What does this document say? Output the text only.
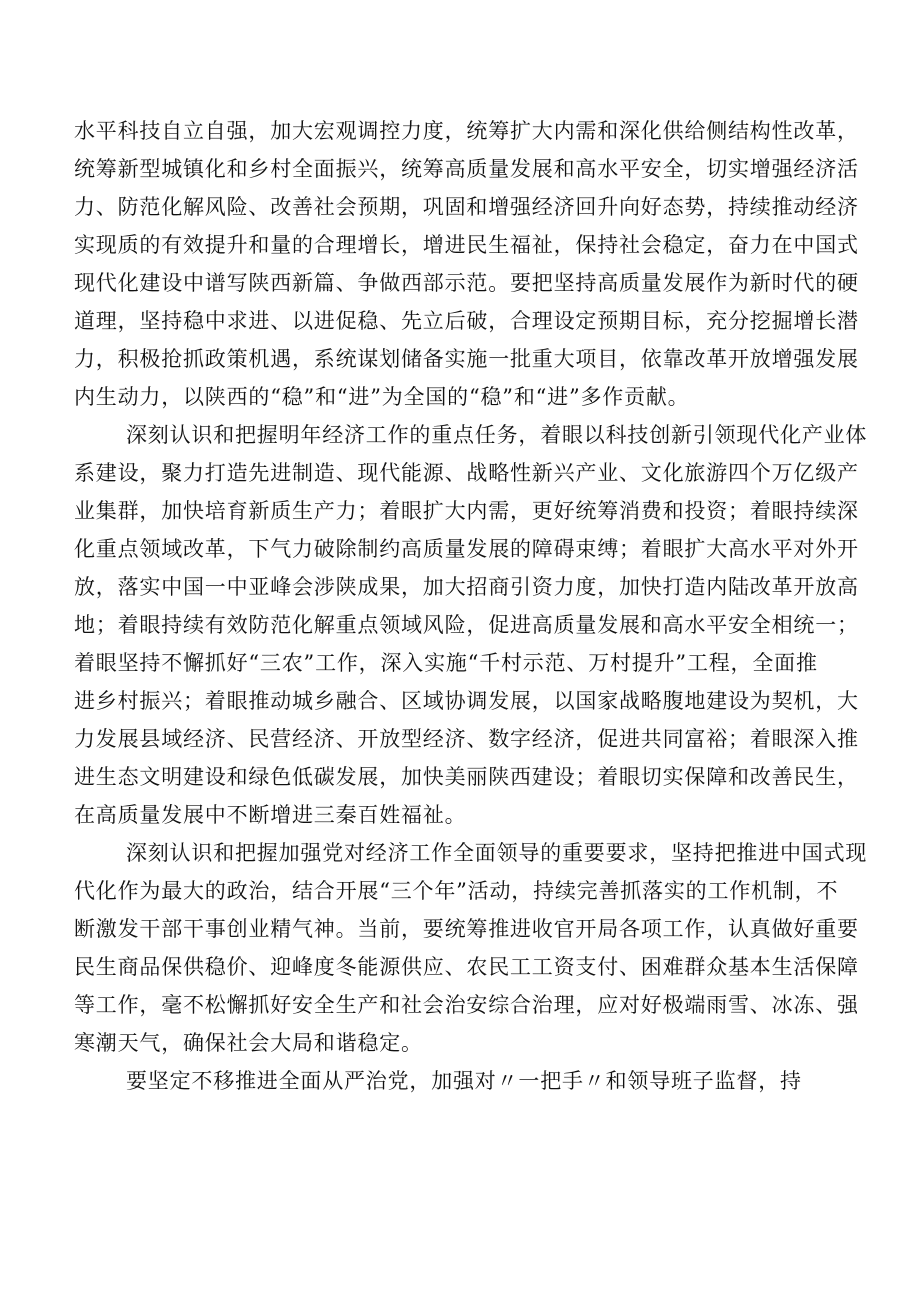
水平科技自立自强，加大宏观调控力度，统筹扩大内需和深化供给侧结构性改革，
统筹新型城镇化和乡村全面振兴，统筹高质量发展和高水平安全，切实增强经济活
力、防范化解风险、改善社会预期，巩固和增强经济回升向好态势，持续推动经济
实现质的有效提升和量的合理增长，增进民生福祉，保持社会稳定，奋力在中国式
现代化建设中谱写陕西新篇、争做西部示范。要把坚持高质量发展作为新时代的硬
道理，坚持稳中求进、以进促稳、先立后破，合理设定预期目标，充分挖掘增长潜
力，积极抢抓政策机遇，系统谋划储备实施一批重大项目，依靠改革开放增强发展
内生动力，以陕西的“稳”和“进”为全国的“稳”和“进”多作贡献。
深刻认识和把握明年经济工作的重点任务，着眼以科技创新引领现代化产业体
系建设，聚力打造先进制造、现代能源、战略性新兴产业、文化旅游四个万亿级产
业集群，加快培育新质生产力；着眼扩大内需，更好统筹消费和投资；着眼持续深
化重点领域改革，下气力破除制约高质量发展的障碍束缚；着眼扩大高水平对外开
放，落实中国一中亚峰会涉陕成果，加大招商引资力度，加快打造内陆改革开放高
地；着眼持续有效防范化解重点领域风险，促进高质量发展和高水平安全相统一；
着眼坚持不懈抓好“三农”工作，深入实施“千村示范、万村提升”工程，全面推
进乡村振兴；着眼推动城乡融合、区域协调发展，以国家战略腹地建设为契机，大
力发展县域经济、民营经济、开放型经济、数字经济，促进共同富裕；着眼深入推
进生态文明建设和绿色低碳发展，加快美丽陕西建设；着眼切实保障和改善民生，
在高质量发展中不断增进三秦百姓福祉。
深刻认识和把握加强党对经济工作全面领导的重要要求，坚持把推进中国式现
代化作为最大的政治，结合开展“三个年”活动，持续完善抓落实的工作机制，不
断激发干部干事创业精气神。当前，要统筹推进收官开局各项工作，认真做好重要
民生商品保供稳价、迎峰度冬能源供应、农民工工资支付、困难群众基本生活保障
等工作，毫不松懈抓好安全生产和社会治安综合治理，应对好极端雨雪、冰冻、强
寒潮天气，确保社会大局和谐稳定。
要坚定不移推进全面从严治党，加强对〃一把手〃和领导班子监督，持
